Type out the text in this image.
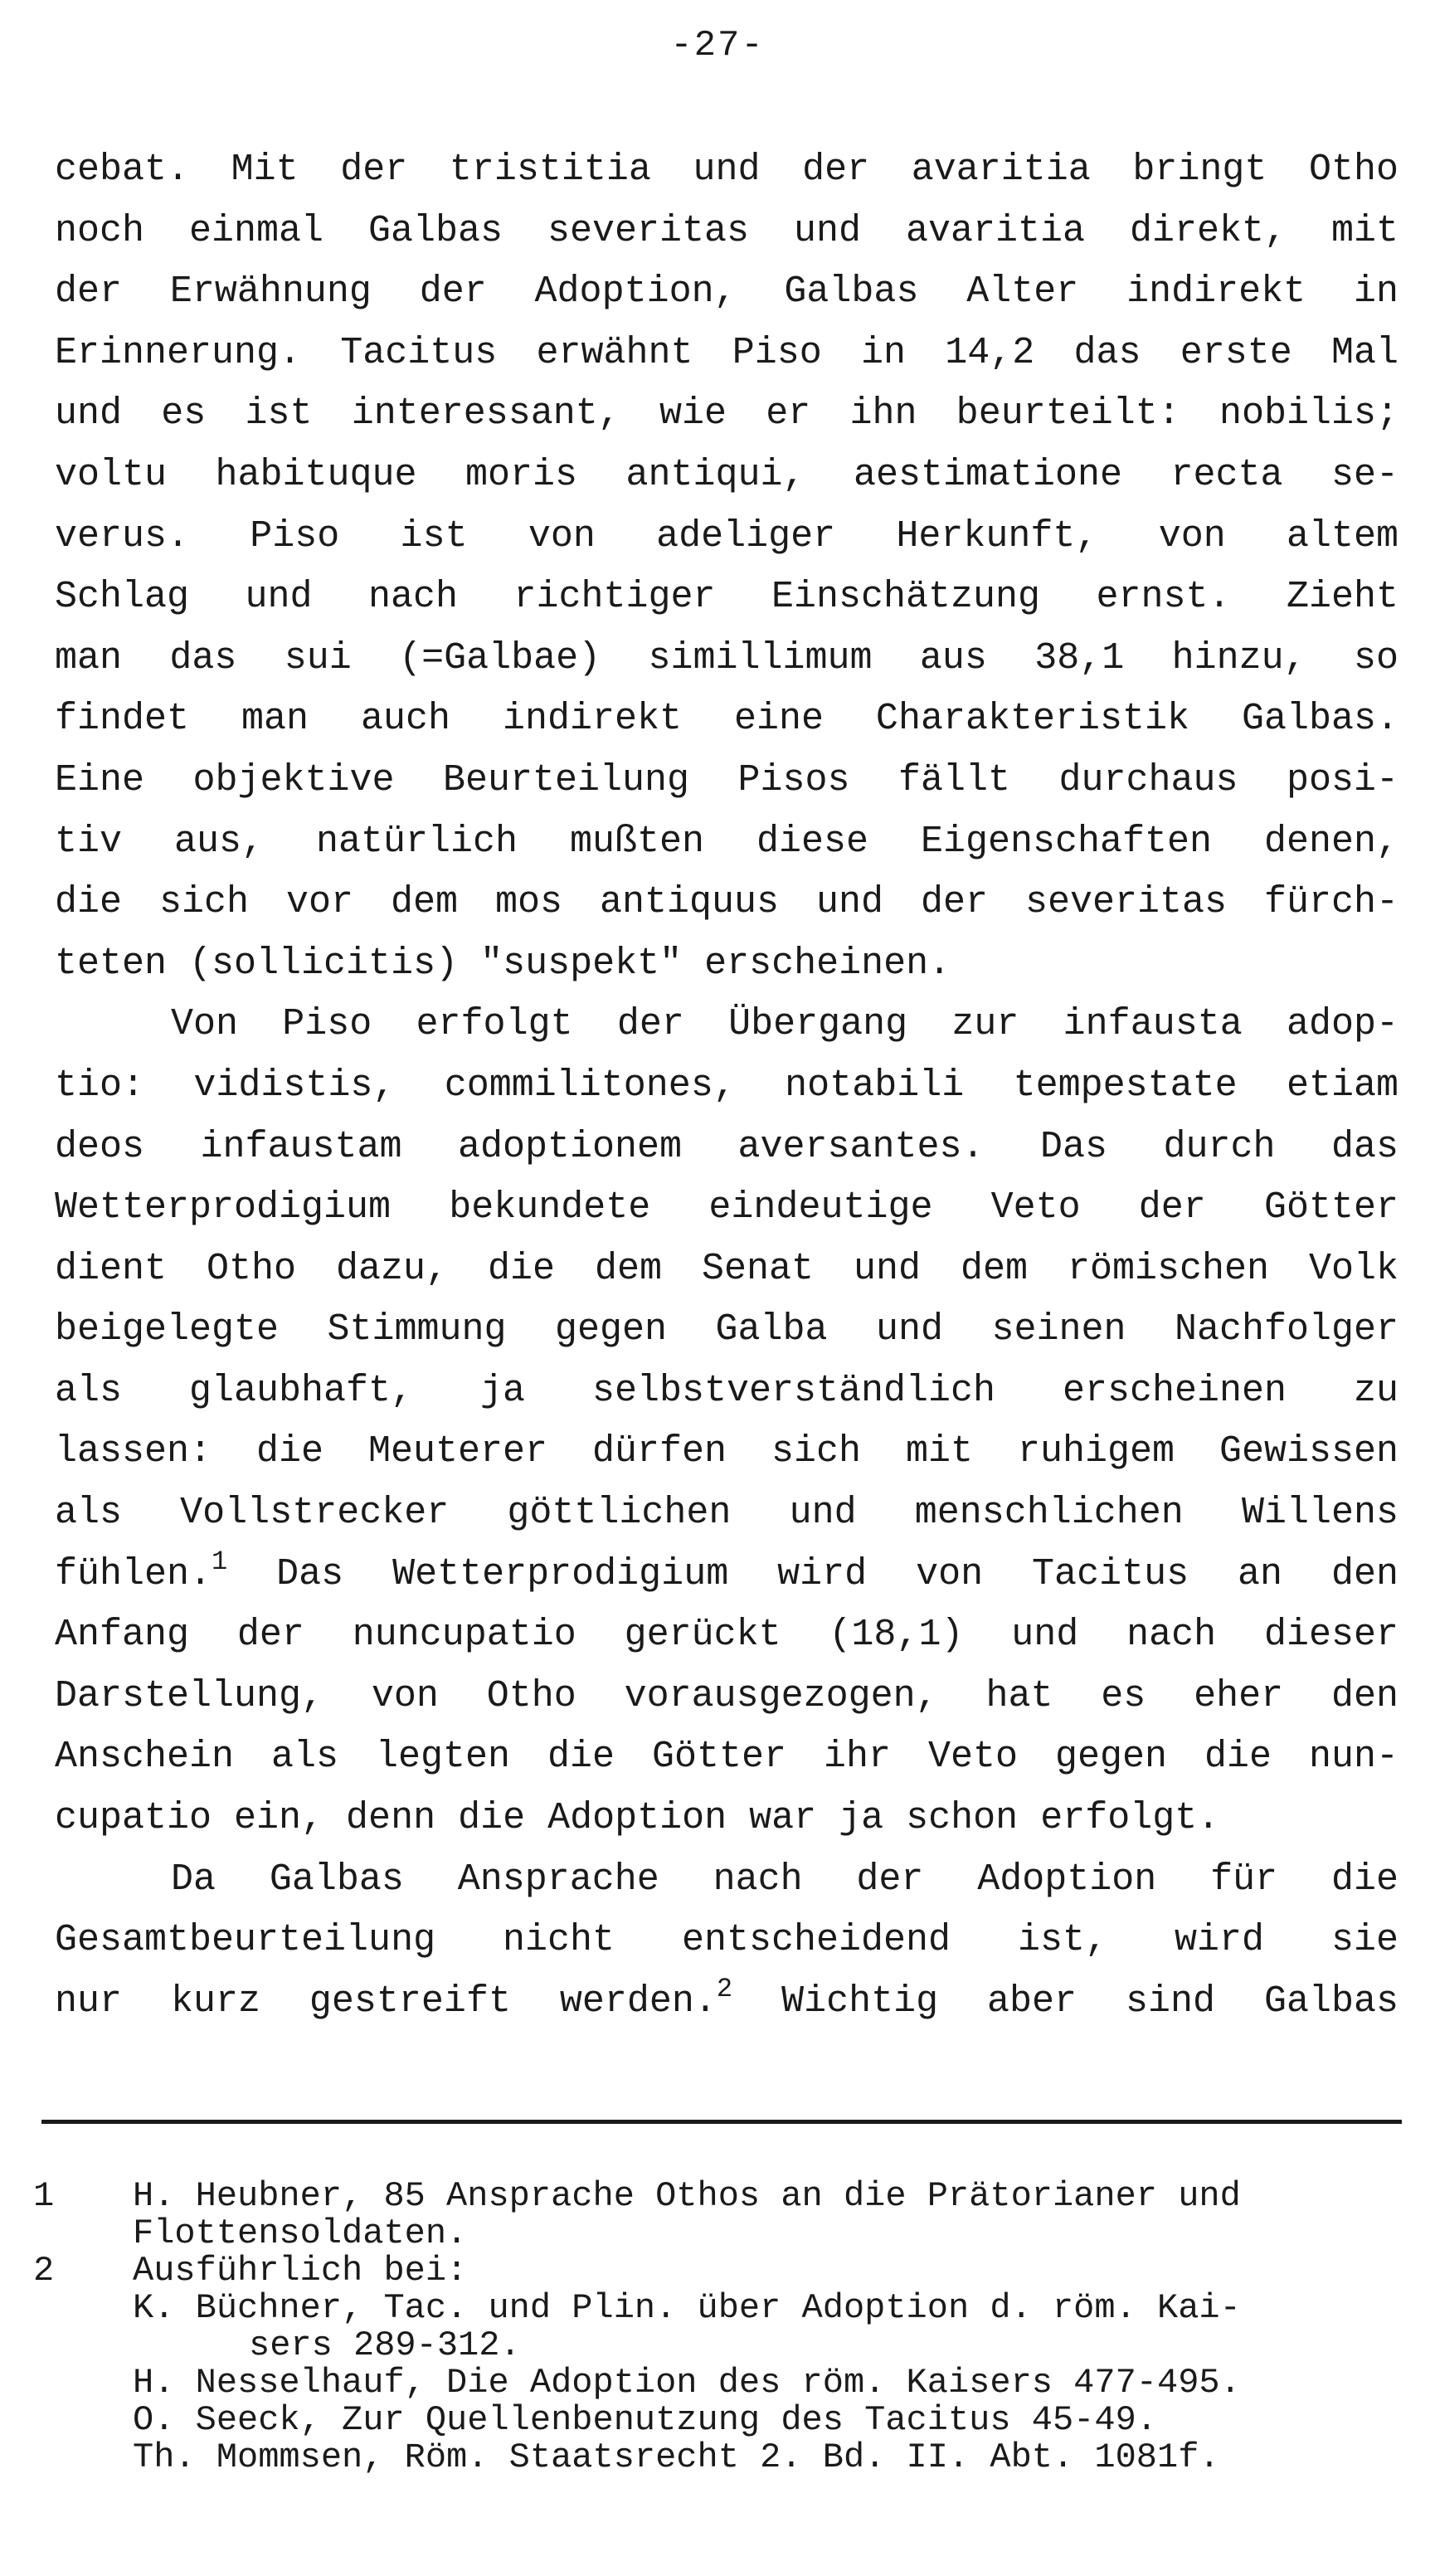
-27-
cebat. Mit der tristitia und der avaritia bringt Otho
noch einmal Galbas severitas und avaritia direkt, mit
der Erwähnung der Adoption, Galbas Alter indirekt in
Erinnerung. Tacitus erwähnt Piso in 14,2 das erste Mal
und es ist interessant, wie er ihn beurteilt: nobilis;
voltu habituque moris antiqui, aestimatione recta se-
verus. Piso ist von adeliger Herkunft, von altem
Schlag und nach richtiger Einschätzung ernst. Zieht
man das sui (=Galbae) simillimum aus 38,1 hinzu, so
findet man auch indirekt eine Charakteristik Galbas.
Eine objektive Beurteilung Pisos fällt durchaus posi-
tiv aus, natürlich mußten diese Eigenschaften denen,
die sich vor dem mos antiquus und der severitas fürch-
teten (sollicitis) "suspekt" erscheinen.
Von Piso erfolgt der Übergang zur infausta adop-
tio: vidistis, commilitones, notabili tempestate etiam
deos infaustam adoptionem aversantes. Das durch das
Wetterprodigium bekundete eindeutige Veto der Götter
dient Otho dazu, die dem Senat und dem römischen Volk
beigelegte Stimmung gegen Galba und seinen Nachfolger
als glaubhaft, ja selbstverständlich erscheinen zu
lassen: die Meuterer dürfen sich mit ruhigem Gewissen
als Vollstrecker göttlichen und menschlichen Willens
fühlen.$^1$ Das Wetterprodigium wird von Tacitus an den
Anfang der nuncupatio gerückt (18,1) und nach dieser
Darstellung, von Otho vorausgezogen, hat es eher den
Anschein als legten die Götter ihr Veto gegen die nun-
cupatio ein, denn die Adoption war ja schon erfolgt.
Da Galbas Ansprache nach der Adoption für die
Gesamtbeurteilung nicht entscheidend ist, wird sie
nur kurz gestreift werden.$^2$ Wichtig aber sind Galbas
1	H. Heubner, 85 Ansprache Othos an die Prätorianer und
Flottensoldaten.
2	Ausführlich bei:
K. Büchner, Tac. und Plin. über Adoption d. röm. Kai-
sers 289-312.
H. Nesselhauf, Die Adoption des röm. Kaisers 477-495.
O. Seeck, Zur Quellenbenutzung des Tacitus 45-49.
Th. Mommsen, Röm. Staatsrecht 2. Bd. II. Abt. 1081f.
